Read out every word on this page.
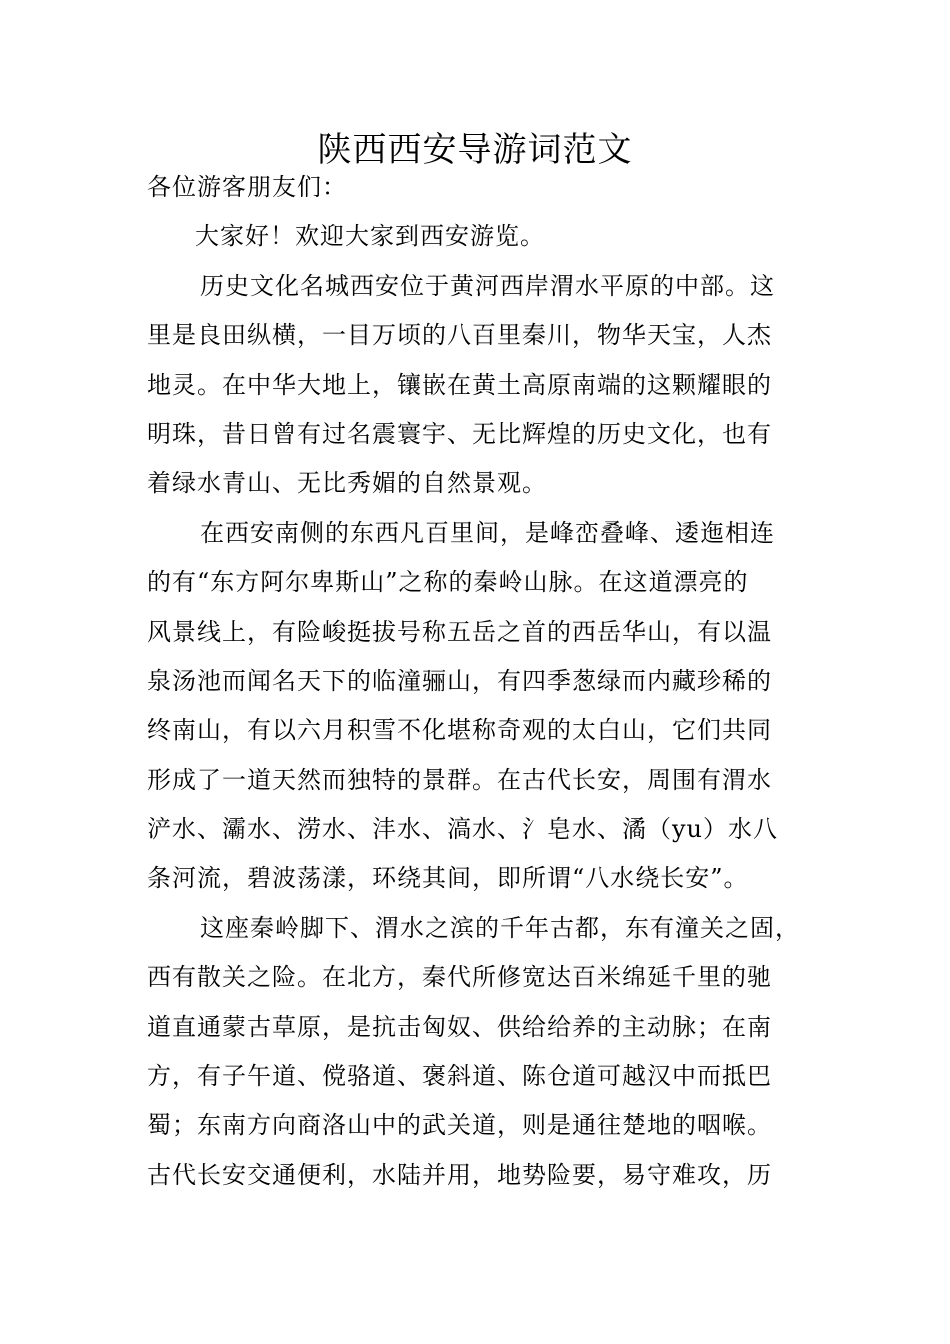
陕西西安导游词范文
各位游客朋友们：
大家好！欢迎大家到西安游览。
历史文化名城西安位于黄河西岸渭水平原的中部。这
里是良田纵横，一目万顷的八百里秦川，物华天宝，人杰
地灵。在中华大地上，镶嵌在黄土高原南端的这颗耀眼的
明珠，昔日曾有过名震寰宇、无比辉煌的历史文化，也有
着绿水青山、无比秀媚的自然景观。
在西安南侧的东西凡百里间，是峰峦叠峰、逶迤相连
的有“东方阿尔卑斯山”之称的秦岭山脉。在这道漂亮的
风景线上，有险峻挺拔号称五岳之首的西岳华山，有以温
泉汤池而闻名天下的临潼骊山，有四季葱绿而内藏珍稀的
终南山，有以六月积雪不化堪称奇观的太白山，它们共同
形成了一道天然而独特的景群。在古代长安，周围有渭水
浐水、灞水、涝水、沣水、滈水、氵皂水、潏（yu）水八
条河流，碧波荡漾，环绕其间，即所谓“八水绕长安”。
这座秦岭脚下、渭水之滨的千年古都，东有潼关之固，
西有散关之险。在北方，秦代所修宽达百米绵延千里的驰
道直通蒙古草原，是抗击匈奴、供给给养的主动脉；在南
方，有子午道、傥骆道、褒斜道、陈仓道可越汉中而抵巴
蜀；东南方向商洛山中的武关道，则是通往楚地的咽喉。
古代长安交通便利，水陆并用，地势险要，易守难攻，历
